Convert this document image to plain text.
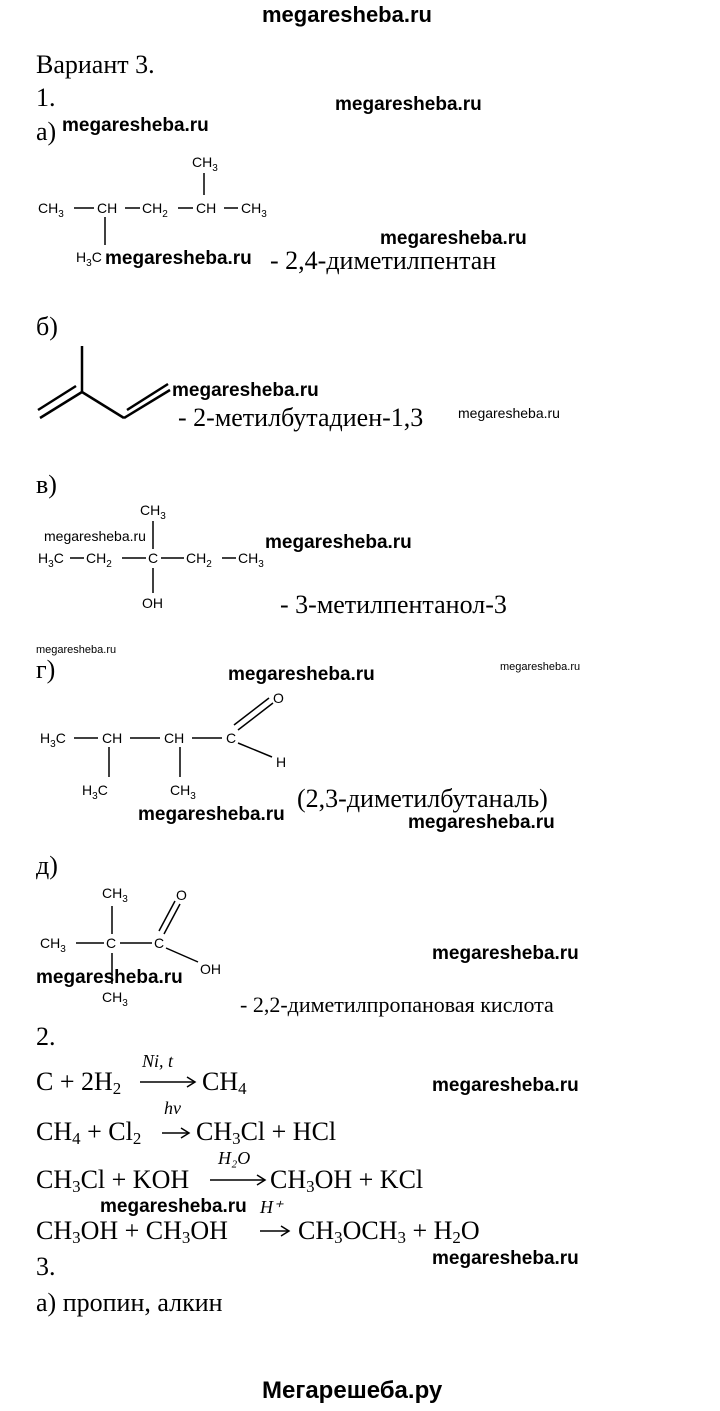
megaresheba.ru
Вариант 3.
1.	megaresheba.ru
а) megaresheba.ru
$CH_3$ CH $CH_2$ CH $CH_3$
$CH_3$
$H_3C$
megaresheba.ru
megaresheba.ru - 2,4-диметилпентан
б)
megaresheba.ru
- 2-метилбутадиен-1,3 megaresheba.ru
в)
megaresheba.ru
$CH_3$
$H_3C$ $CH_2$	C $CH_2$ $CH_3$
OH
megaresheba.ru
- 3-метилпентанол-3
megaresheba.ru
г)	megaresheba.ru	megaresheba.ru
$H_3C$	CH	CH	C
O
H
$H_3C$	$CH_3$
megaresheba.ru
(2,3-диметилбутаналь)
megaresheba.ru
д)
$CH_3$
$CH_3$	C	C
O
OH
$CH_3$
megaresheba.ru
megaresheba.ru
- 2,2-диметилпропановая кислота
2.
$C + 2H_2$
Ni, t
$CH_4$	megaresheba.ru
$CH_4 + Cl_2$
hν
$CH_3Cl$ + HCl
$CH_3Cl$ + KOH
H₂O
$CH_3OH$ + KCl
megaresheba.ru
$CH_3OH + CH_3OH$
H⁺
$CH_3OCH_3 + H_2O$
3.	megaresheba.ru
а) пропин, алкин
Мегарешеба.ру
